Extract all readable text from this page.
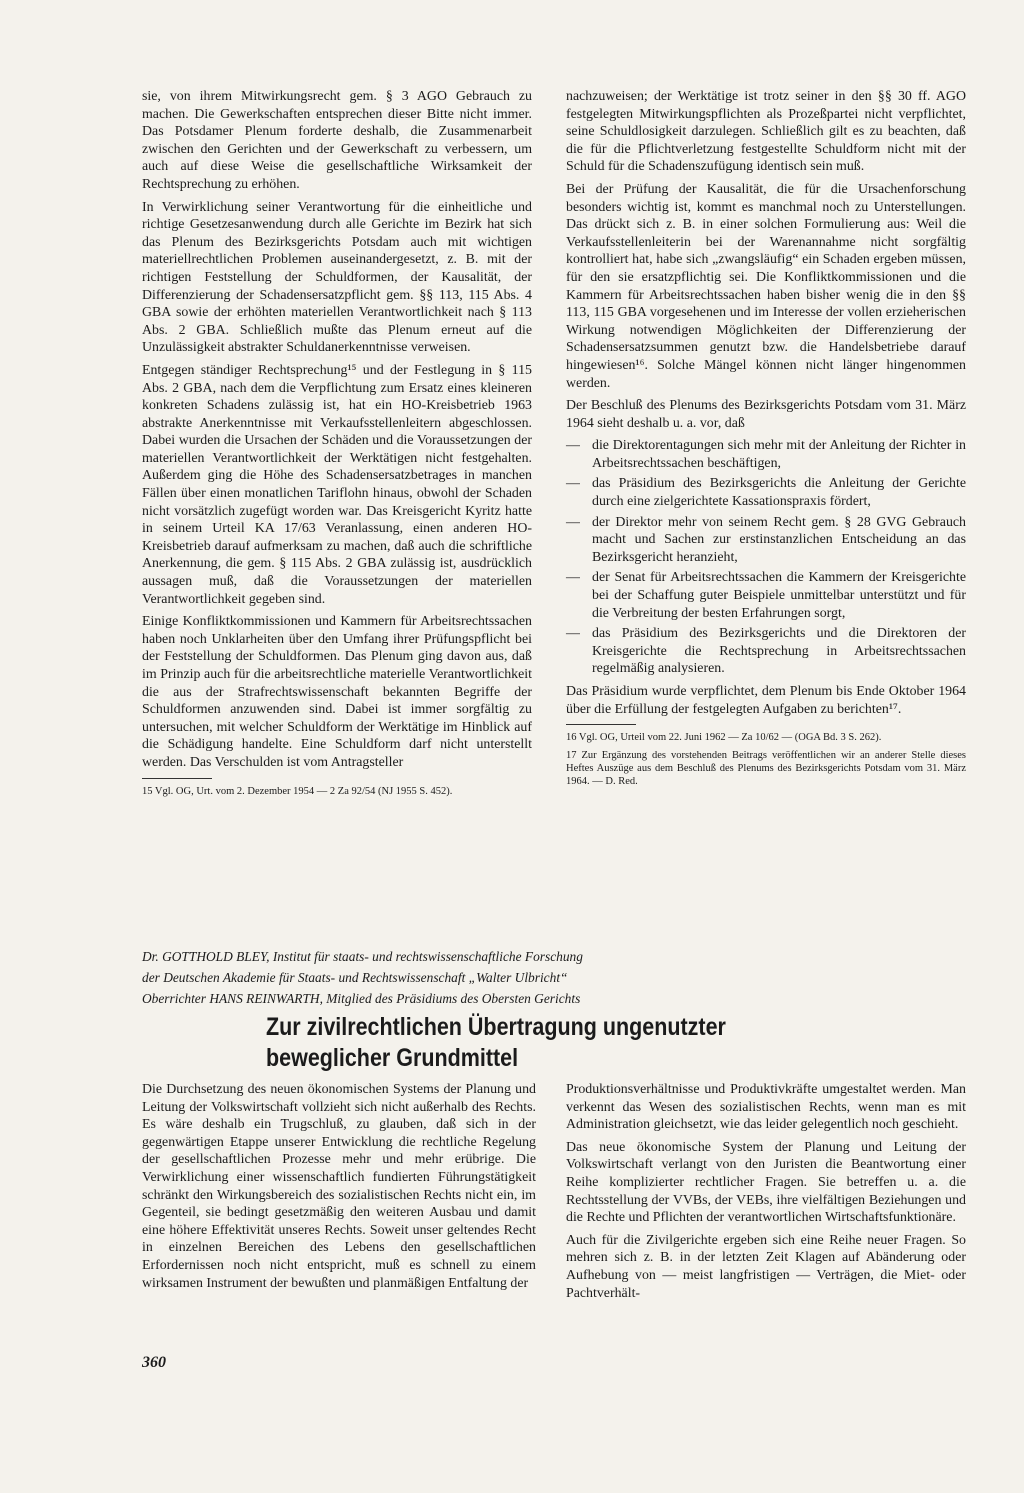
sie, von ihrem Mitwirkungsrecht gem. § 3 AGO Gebrauch zu machen. Die Gewerkschaften entsprechen dieser Bitte nicht immer. Das Potsdamer Plenum forderte deshalb, die Zusammenarbeit zwischen den Gerichten und der Gewerkschaft zu verbessern, um auch auf diese Weise die gesellschaftliche Wirksamkeit der Rechtsprechung zu erhöhen.

In Verwirklichung seiner Verantwortung für die einheitliche und richtige Gesetzesanwendung durch alle Gerichte im Bezirk hat sich das Plenum des Bezirksgerichts Potsdam auch mit wichtigen materiellrechtlichen Problemen auseinandergesetzt, z. B. mit der richtigen Feststellung der Schuldformen, der Kausalität, der Differenzierung der Schadensersatzpflicht gem. §§ 113, 115 Abs. 4 GBA sowie der erhöhten materiellen Verantwortlichkeit nach § 113 Abs. 2 GBA. Schließlich mußte das Plenum erneut auf die Unzulässigkeit abstrakter Schuldanerkenntnisse verweisen.

Entgegen ständiger Rechtsprechung¹⁵ und der Festlegung in § 115 Abs. 2 GBA, nach dem die Verpflichtung zum Ersatz eines kleineren konkreten Schadens zulässig ist, hat ein HO-Kreisbetrieb 1963 abstrakte Anerkenntnisse mit Verkaufsstellenleitern abgeschlossen. Dabei wurden die Ursachen der Schäden und die Voraussetzungen der materiellen Verantwortlichkeit der Werktätigen nicht festgehalten. Außerdem ging die Höhe des Schadensersatzbetrages in manchen Fällen über einen monatlichen Tariflohn hinaus, obwohl der Schaden nicht vorsätzlich zugefügt worden war. Das Kreisgericht Kyritz hatte in seinem Urteil KA 17/63 Veranlassung, einen anderen HO-Kreisbetrieb darauf aufmerksam zu machen, daß auch die schriftliche Anerkennung, die gem. § 115 Abs. 2 GBA zulässig ist, ausdrücklich aussagen muß, daß die Voraussetzungen der materiellen Verantwortlichkeit gegeben sind.

Einige Konfliktkommissionen und Kammern für Arbeitsrechtssachen haben noch Unklarheiten über den Umfang ihrer Prüfungspflicht bei der Feststellung der Schuldformen. Das Plenum ging davon aus, daß im Prinzip auch für die arbeitsrechtliche materielle Verantwortlichkeit die aus der Strafrechtswissenschaft bekannten Begriffe der Schuldformen anzuwenden sind. Dabei ist immer sorgfältig zu untersuchen, mit welcher Schuldform der Werktätige im Hinblick auf die Schädigung handelte. Eine Schuldform darf nicht unterstellt werden. Das Verschulden ist vom Antragsteller

15 Vgl. OG, Urt. vom 2. Dezember 1954 — 2 Za 92/54 (NJ 1955 S. 452).

nachzuweisen; der Werktätige ist trotz seiner in den §§ 30 ff. AGO festgelegten Mitwirkungspflichten als Prozeßpartei nicht verpflichtet, seine Schuldlosigkeit darzulegen. Schließlich gilt es zu beachten, daß die für die Pflichtverletzung festgestellte Schuldform nicht mit der Schuld für die Schadenszufügung identisch sein muß.

Bei der Prüfung der Kausalität, die für die Ursachenforschung besonders wichtig ist, kommt es manchmal noch zu Unterstellungen. Das drückt sich z. B. in einer solchen Formulierung aus: Weil die Verkaufsstellenleiterin bei der Warenannahme nicht sorgfältig kontrolliert hat, habe sich „zwangsläufig“ ein Schaden ergeben müssen, für den sie ersatzpflichtig sei. Die Konfliktkommissionen und die Kammern für Arbeitsrechtssachen haben bisher wenig die in den §§ 113, 115 GBA vorgesehenen und im Interesse der vollen erzieherischen Wirkung notwendigen Möglichkeiten der Differenzierung der Schadensersatzsummen genutzt bzw. die Handelsbetriebe darauf hingewiesen¹⁶. Solche Mängel können nicht länger hingenommen werden.

Der Beschluß des Plenums des Bezirksgerichts Potsdam vom 31. März 1964 sieht deshalb u. a. vor, daß

— die Direktorentagungen sich mehr mit der Anleitung der Richter in Arbeitsrechtssachen beschäftigen,
— das Präsidium des Bezirksgerichts die Anleitung der Gerichte durch eine zielgerichtete Kassationspraxis fördert,
— der Direktor mehr von seinem Recht gem. § 28 GVG Gebrauch macht und Sachen zur erstinstanzlichen Entscheidung an das Bezirksgericht heranzieht,
— der Senat für Arbeitsrechtssachen die Kammern der Kreisgerichte bei der Schaffung guter Beispiele unmittelbar unterstützt und für die Verbreitung der besten Erfahrungen sorgt,
— das Präsidium des Bezirksgerichts und die Direktoren der Kreisgerichte die Rechtsprechung in Arbeitsrechtssachen regelmäßig analysieren.

Das Präsidium wurde verpflichtet, dem Plenum bis Ende Oktober 1964 über die Erfüllung der festgelegten Aufgaben zu berichten¹⁷.

16 Vgl. OG, Urteil vom 22. Juni 1962 — Za 10/62 — (OGA Bd. 3 S. 262).

17 Zur Ergänzung des vorstehenden Beitrags veröffentlichen wir an anderer Stelle dieses Heftes Auszüge aus dem Beschluß des Plenums des Bezirksgerichts Potsdam vom 31. März 1964. — D. Red.

Dr. GOTTHOLD BLEY, Institut für staats- und rechtswissenschaftliche Forschung
der Deutschen Akademie für Staats- und Rechtswissenschaft „Walter Ulbricht“
Oberrichter HANS REINWARTH, Mitglied des Präsidiums des Obersten Gerichts
Zur zivilrechtlichen Übertragung ungenutzter
beweglicher Grundmittel

Die Durchsetzung des neuen ökonomischen Systems der Planung und Leitung der Volkswirtschaft vollzieht sich nicht außerhalb des Rechts. Es wäre deshalb ein Trugschluß, zu glauben, daß sich in der gegenwärtigen Etappe unserer Entwicklung die rechtliche Regelung der gesellschaftlichen Prozesse mehr und mehr erübrige. Die Verwirklichung einer wissenschaftlich fundierten Führungstätigkeit schränkt den Wirkungsbereich des sozialistischen Rechts nicht ein, im Gegenteil, sie bedingt gesetzmäßig den weiteren Ausbau und damit eine höhere Effektivität unseres Rechts. Soweit unser geltendes Recht in einzelnen Bereichen des Lebens den gesellschaftlichen Erfordernissen noch nicht entspricht, muß es schnell zu einem wirksamen Instrument der bewußten und planmäßigen Entfaltung der

Produktionsverhältnisse und Produktivkräfte umgestaltet werden. Man verkennt das Wesen des sozialistischen Rechts, wenn man es mit Administration gleichsetzt, wie das leider gelegentlich noch geschieht.

Das neue ökonomische System der Planung und Leitung der Volkswirtschaft verlangt von den Juristen die Beantwortung einer Reihe komplizierter rechtlicher Fragen. Sie betreffen u. a. die Rechtsstellung der VVBs, der VEBs, ihre vielfältigen Beziehungen und die Rechte und Pflichten der verantwortlichen Wirtschaftsfunktionäre.

Auch für die Zivilgerichte ergeben sich eine Reihe neuer Fragen. So mehren sich z. B. in der letzten Zeit Klagen auf Abänderung oder Aufhebung von — meist langfristigen — Verträgen, die Miet- oder Pachtverhält-

360
